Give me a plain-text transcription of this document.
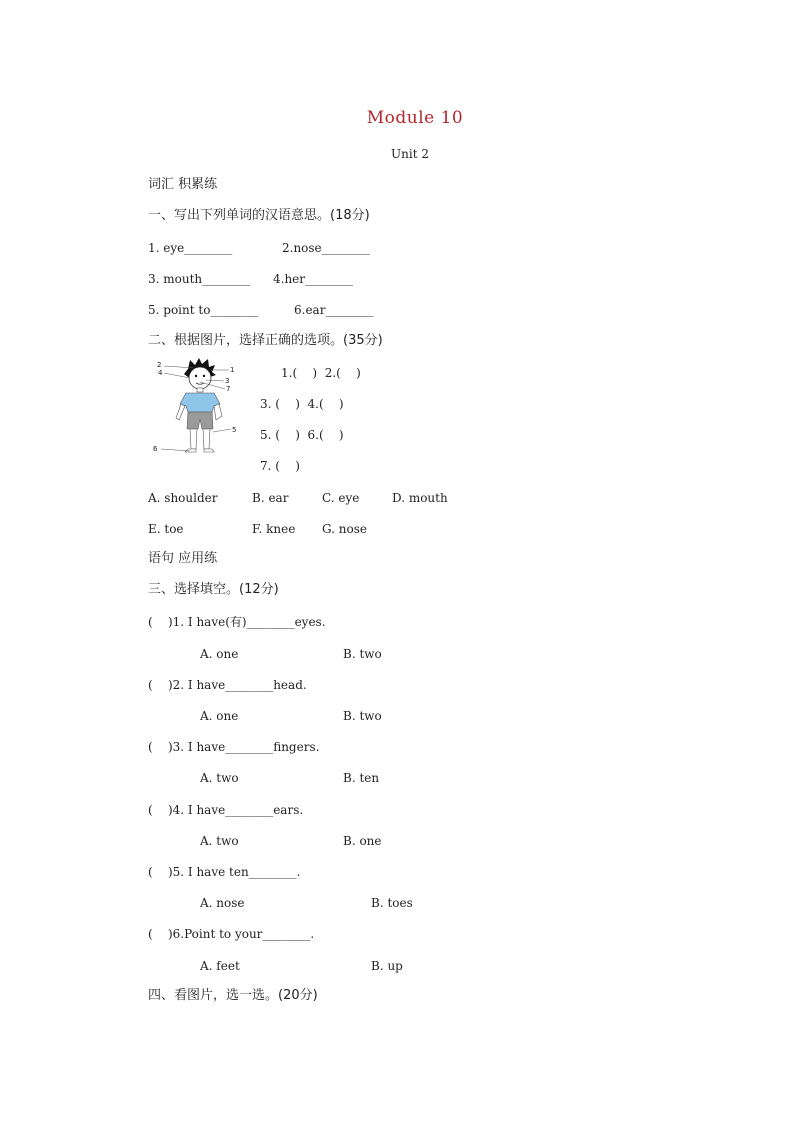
Module 10
Unit 2
词汇 积累练
一、写出下列单词的汉语意思。(18分)
1. eye________	2.nose________
3. mouth________ 4.her________
5. point to________	6.ear________
二、根据图片，选择正确的选项。(35分)
2
4	1
3
7
5
6
1.(    )  2.(    )
3. (    )  4.(    )
5. (    )  6.(    )
7. (    )
A. shoulder	B. ear	C. eye	D. mouth
E. toe	F. knee G. nose
语句 应用练
三、选择填空。(12分)
(    )1. I have(有)________eyes.
A. one	B. two
(    )2. I have________head.
A. one	B. two
(    )3. I have________fingers.
A. two	B. ten
(    )4. I have________ears.
A. two	B. one
(    )5. I have ten________.
A. nose	B. toes
(    )6.Point to your________.
A. feet	B. up
四、看图片，选一选。(20分)
